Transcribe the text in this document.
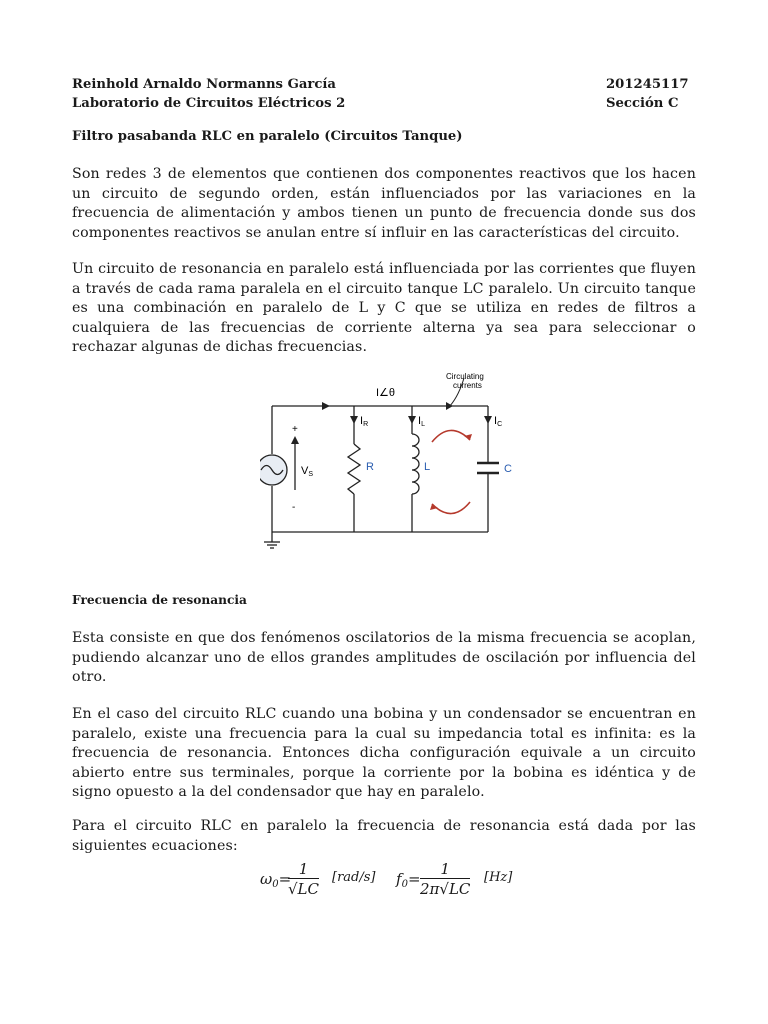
Reinhold Arnaldo Normanns García	201245117
Laboratorio de Circuitos Eléctricos 2	Sección C
Filtro pasabanda RLC en paralelo (Circuitos Tanque)
Son redes 3 de elementos que contienen dos componentes reactivos que los hacen un circuito de segundo orden, están influenciados por las variaciones en la frecuencia de alimentación y ambos tienen un punto de frecuencia donde sus dos componentes reactivos se anulan entre sí influir en las características del circuito.
Un circuito de resonancia en paralelo está influenciada por las corrientes que fluyen a través de cada rama paralela en el circuito tanque LC paralelo. Un circuito tanque es una combinación en paralelo de L y C que se utiliza en redes de filtros a cualquiera de las frecuencias de corriente alterna ya sea para seleccionar o rechazar algunas de dichas frecuencias.
I∠θ
IR	IL	IC
VS
+
-
R	L	C
Circulating
currents
Frecuencia de resonancia
Esta consiste en que dos fenómenos oscilatorios de la misma frecuencia se acoplan, pudiendo alcanzar uno de ellos grandes amplitudes de oscilación por influencia del otro.
En el caso del circuito RLC cuando una bobina y un condensador se encuentran en paralelo, existe una frecuencia para la cual su impedancia total es infinita: es la frecuencia de resonancia. Entonces dicha configuración equivale a un circuito abierto entre sus terminales, porque la corriente por la bobina es idéntica y de signo opuesto a la del condensador que hay en paralelo.
Para el circuito RLC en paralelo la frecuencia de resonancia está dada por las siguientes ecuaciones:
$\omega_0=$
$\frac{1}{√LC} [rad/s]$ $f_0= \frac{1}{2\pi√LC} [Hz]$
